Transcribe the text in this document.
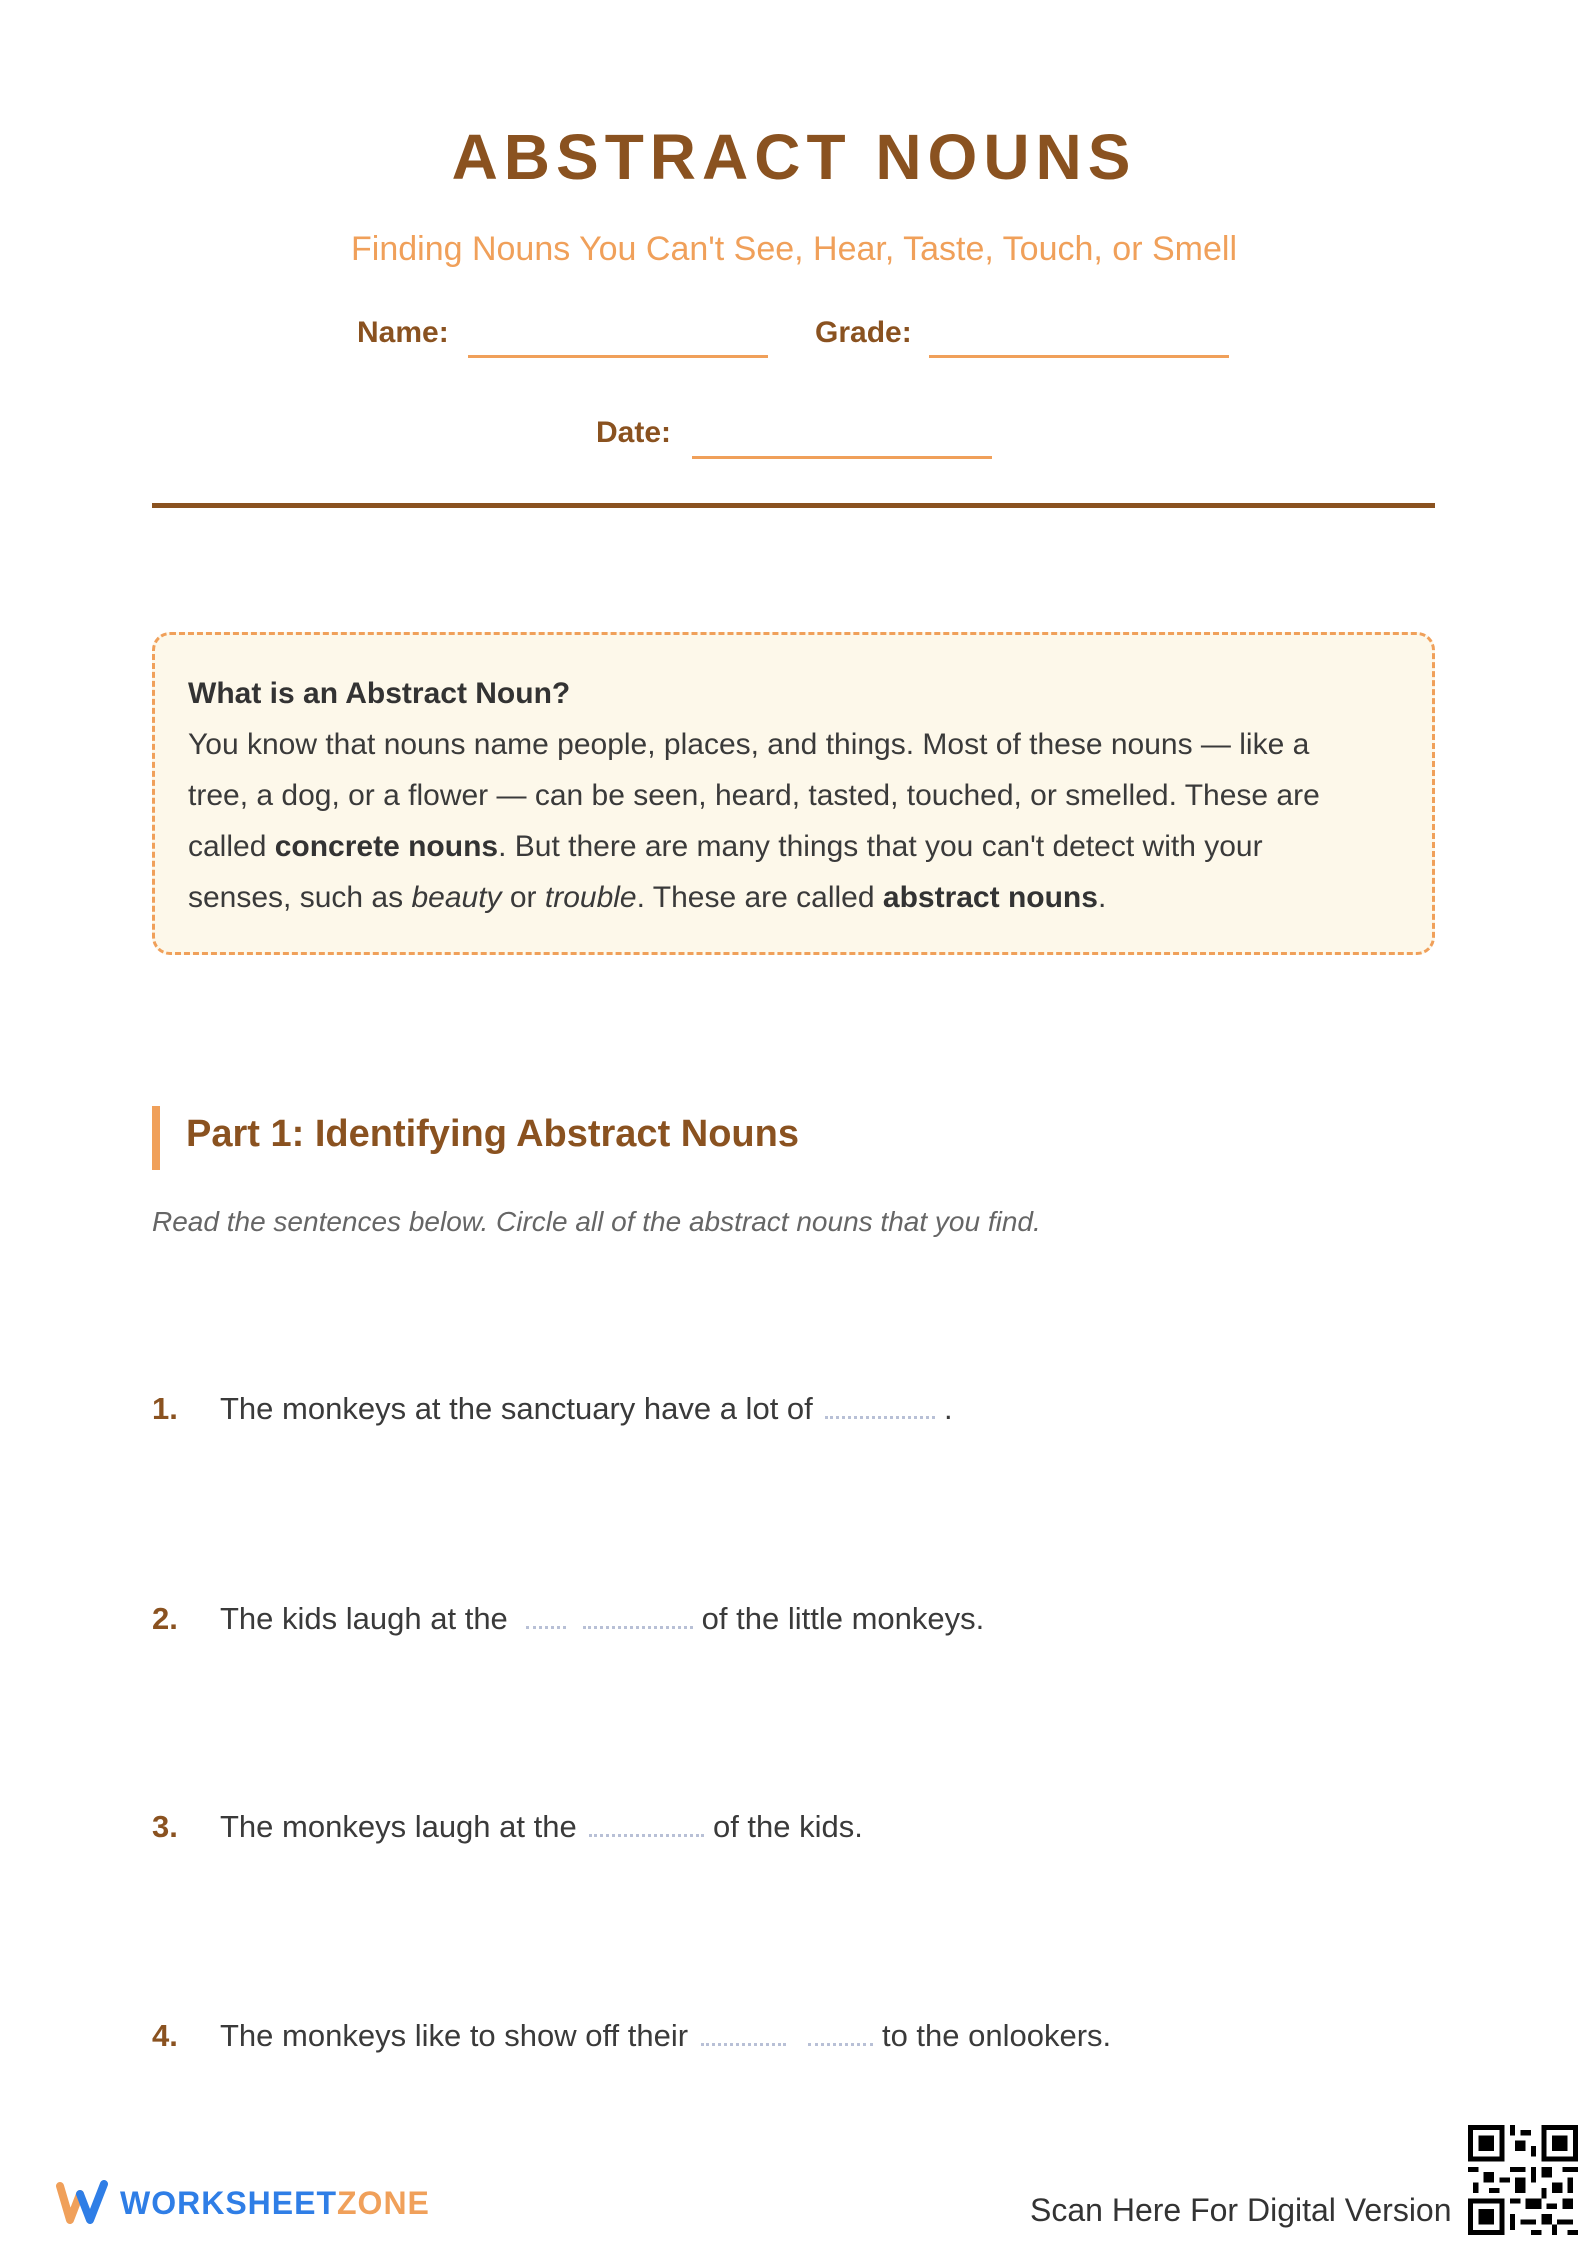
ABSTRACT NOUNS
Finding Nouns You Can't See, Hear, Taste, Touch, or Smell
Name:	Grade:
Date:
What is an Abstract Noun?
You know that nouns name people, places, and things. Most of these nouns — like a
tree, a dog, or a flower — can be seen, heard, tasted, touched, or smelled. These are
called concrete nouns. But there are many things that you can't detect with your
senses, such as beauty or trouble. These are called abstract nouns.
Part 1: Identifying Abstract Nouns
Read the sentences below. Circle all of the abstract nouns that you find.
1. The monkeys at the sanctuary have a lot of	.
2. The kids laugh at the	of the little monkeys.
3. The monkeys laugh at the	of the kids.
4. The monkeys like to show off their	to the onlookers.
WORKSHEETZONE	Scan Here For Digital Version
